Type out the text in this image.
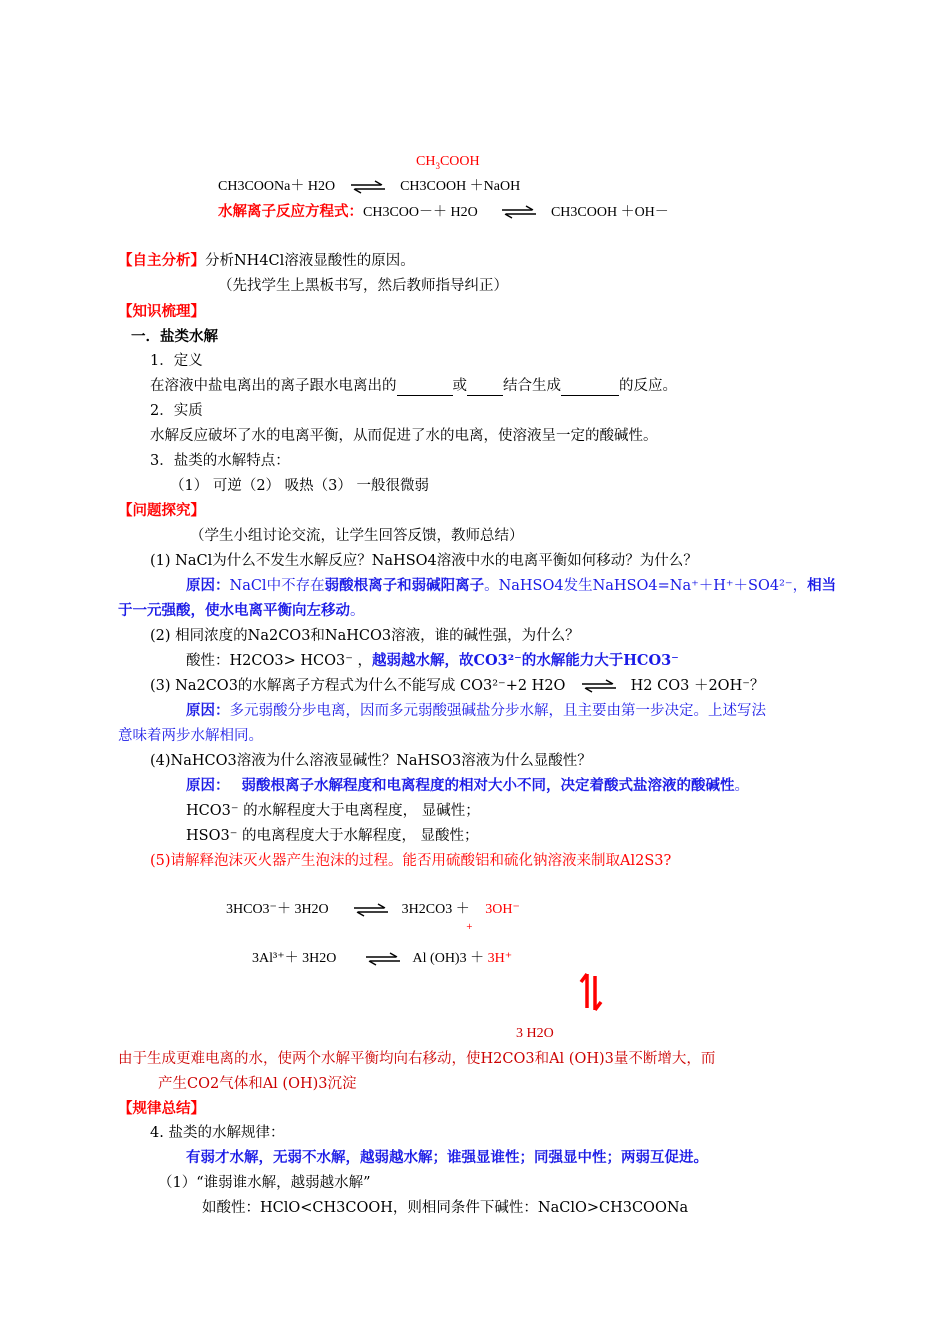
$CH_3COOH$
CH3COONa＋ H2O ⇌ CH3COOH ＋NaOH
水解离子反应方程式：CH3COO－＋ H2O ⇌ CH3COOH ＋OH－
【自主分析】分析NH4Cl溶液显酸性的原因。
（先找学生上黑板书写，然后教师指导纠正）
【知识梳理】
一．盐类水解
1．定义
在溶液中盐电离出的离子跟水电离出的	或 结合生成	的反应。
2．实质
水解反应破坏了水的电离平衡，从而促进了水的电离，使溶液呈一定的酸碱性。
3．盐类的水解特点：
（1） 可逆（2） 吸热（3） 一般很微弱
【问题探究】
（学生小组讨论交流，让学生回答反馈，教师总结）
(1) NaCl为什么不发生水解反应？NaHSO4溶液中水的电离平衡如何移动？为什么？
原因：NaCl中不存在弱酸根离子和弱碱阳离子。NaHSO4发生NaHSO4=Na⁺＋H⁺＋SO4²⁻，相当
于一元强酸，使水电离平衡向左移动。
(2) 相同浓度的Na2CO3和NaHCO3溶液，谁的碱性强，为什么？
酸性：H2CO3> HCO3⁻ ，越弱越水解，故CO3²⁻的水解能力大于HCO3⁻
(3) Na2CO3的水解离子方程式为什么不能写成 CO3²⁻+2 H2O ⇌ H2 CO3 ＋2OH⁻？
原因：多元弱酸分步电离，因而多元弱酸强碱盐分步水解，且主要由第一步决定。上述写法
意味着两步水解相同。
(4)NaHCO3溶液为什么溶液显碱性？NaHSO3溶液为什么显酸性？
原因： 弱酸根离子水解程度和电离程度的相对大小不同，决定着酸式盐溶液的酸碱性。
HCO3⁻ 的水解程度大于电离程度， 显碱性；
HSO3⁻ 的电离程度大于水解程度， 显酸性；
(5)请解释泡沫灭火器产生泡沫的过程。能否用硫酸铝和硫化钠溶液来制取Al2S3?
3HCO3⁻＋ 3H2O ⇌ 3H2CO3 ＋ 3OH⁻
+
3Al³⁺＋ 3H2O ⇌ Al (OH)3 ＋ 3H⁺
3 H2O
由于生成更难电离的水，使两个水解平衡均向右移动，使H2CO3和Al (OH)3量不断增大，而
产生CO2气体和Al (OH)3沉淀
【规律总结】
4. 盐类的水解规律：
有弱才水解，无弱不水解，越弱越水解；谁强显谁性；同强显中性；两弱互促进。
（1）“谁弱谁水解，越弱越水解”
如酸性：HClO<CH3COOH，则相同条件下碱性：NaClO>CH3COONa
